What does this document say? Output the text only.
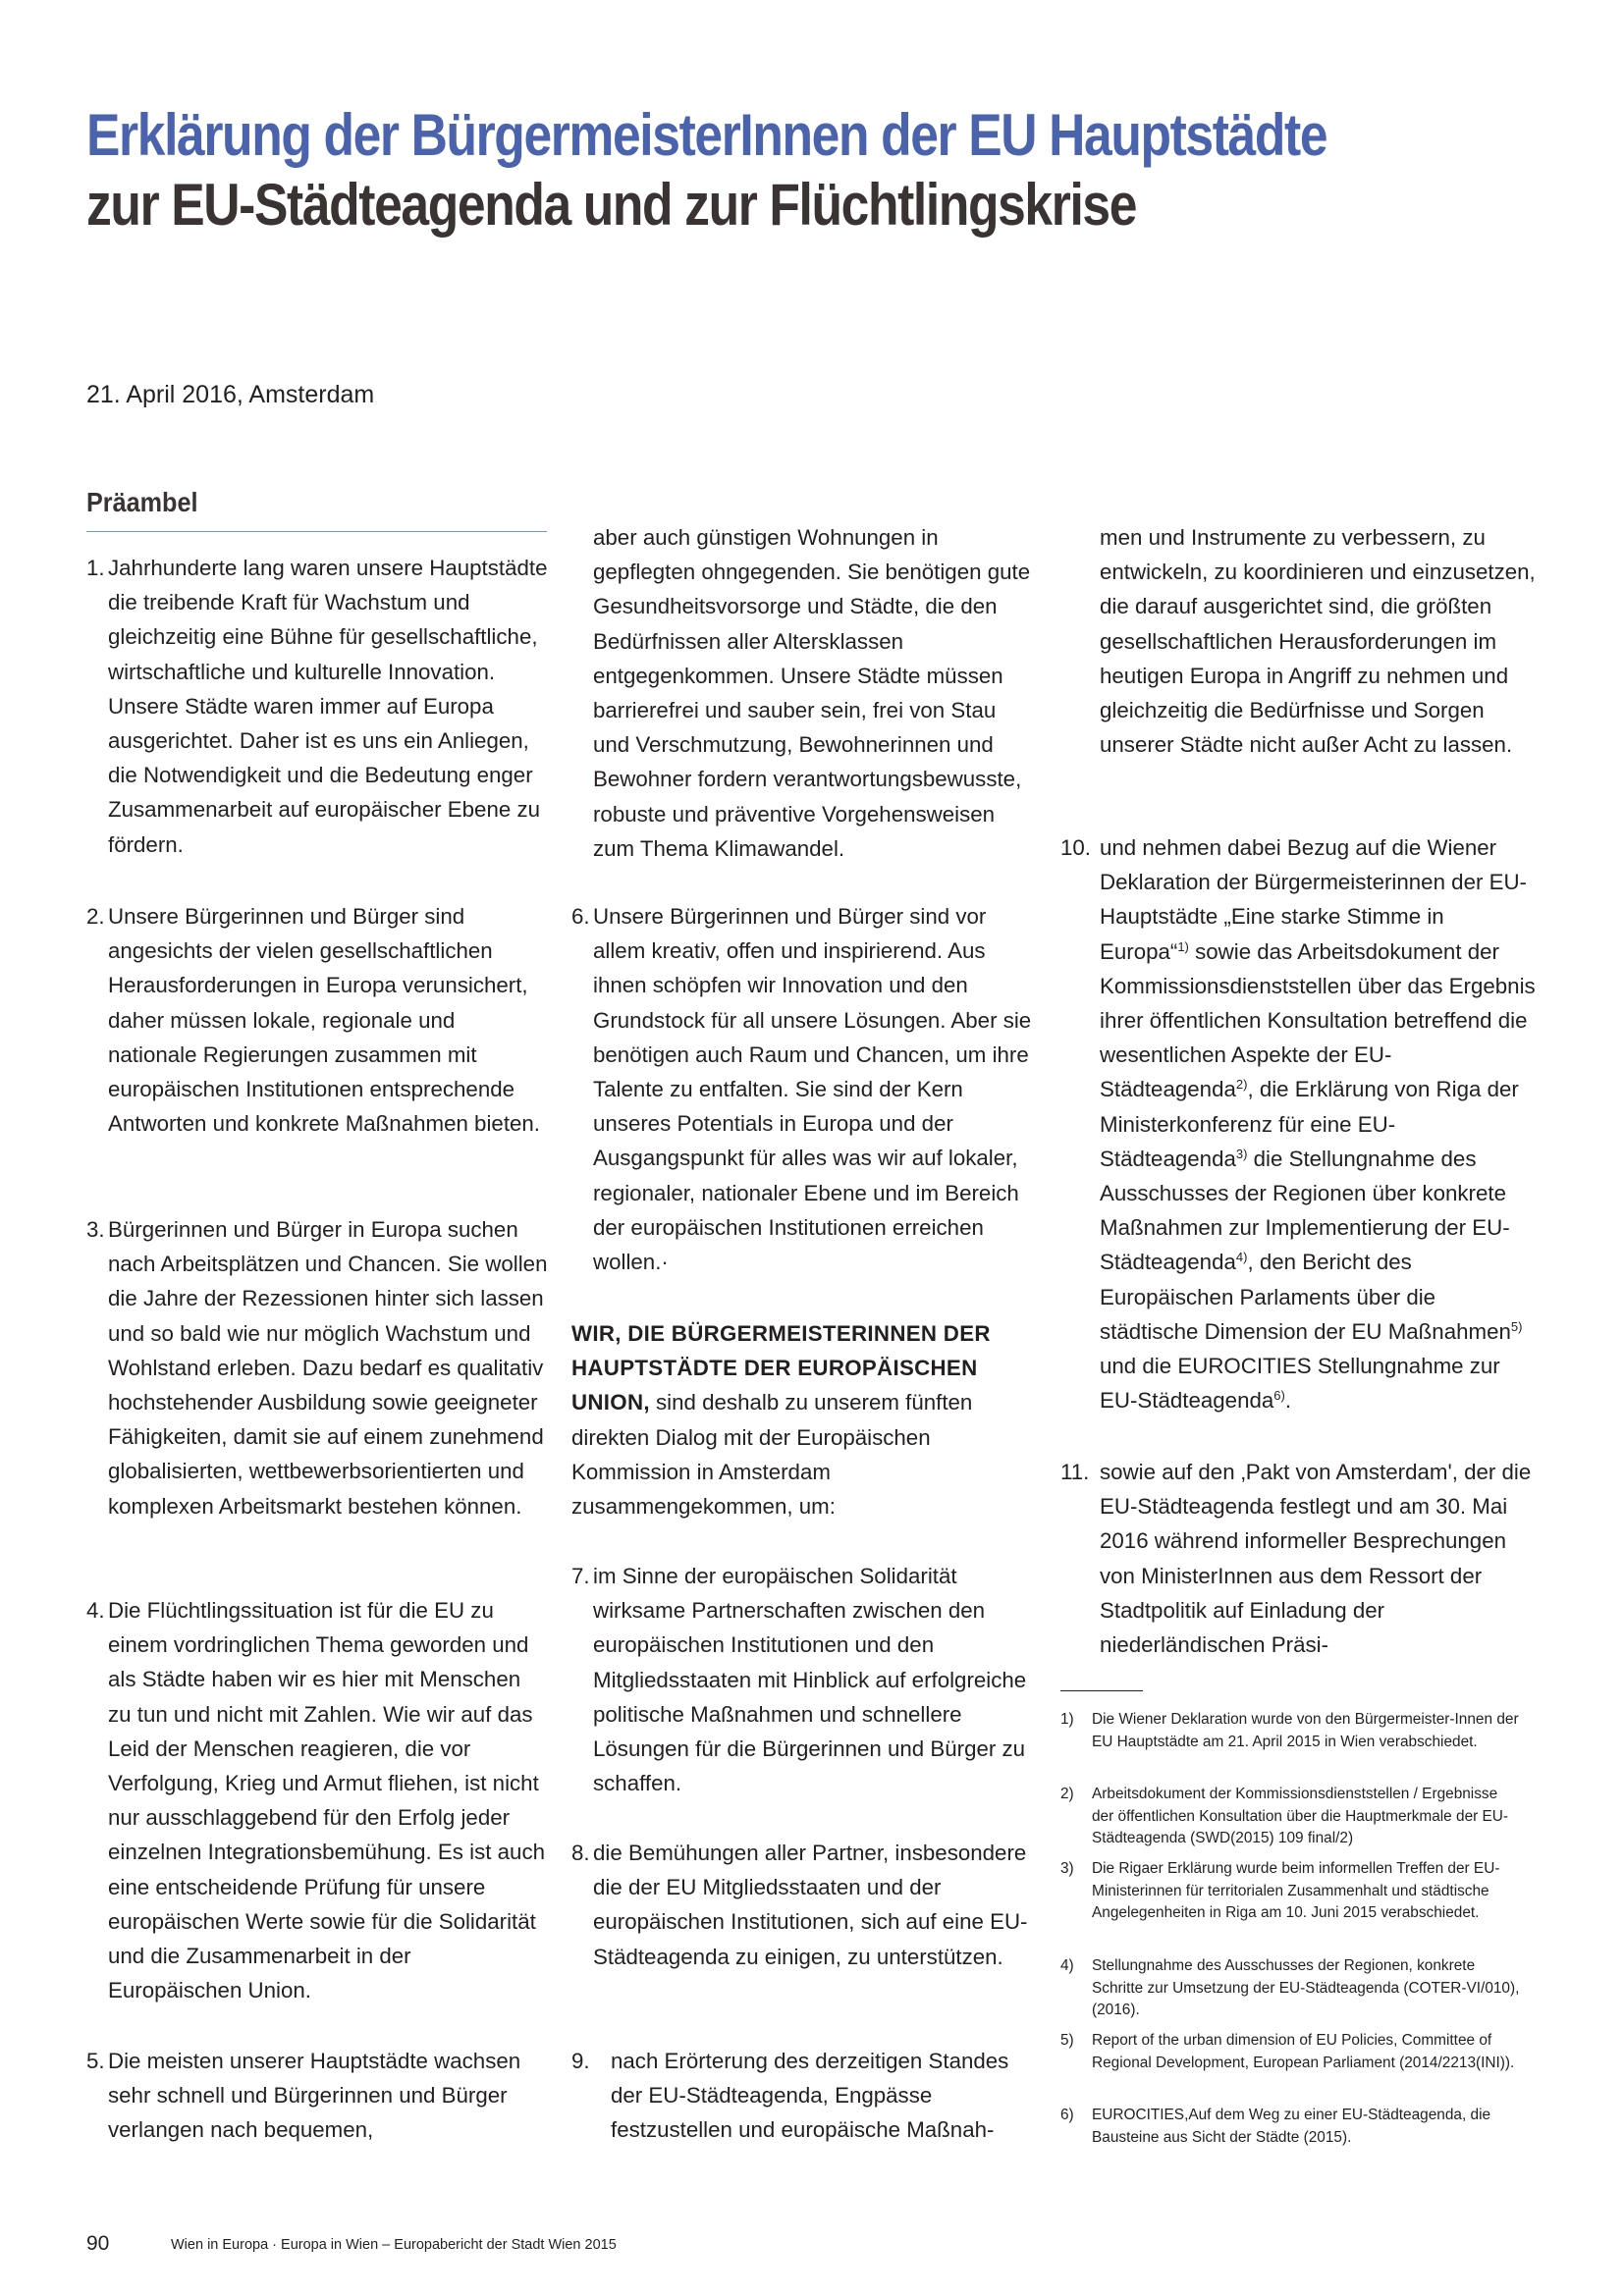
Erklärung der BürgermeisterInnen der EU Hauptstädte
zur EU-Städteagenda und zur Flüchtlingskrise
21. April 2016, Amsterdam
Präambel
1. Jahrhunderte lang waren unsere Hauptstädte die treibende Kraft für Wachstum und gleichzeitig eine Bühne für gesellschaftliche, wirtschaftliche und kulturelle Innovation. Unsere Städte waren immer auf Europa ausgerichtet. Daher ist es uns ein Anliegen, die Notwendigkeit und die Bedeutung enger Zusammenarbeit auf europäischer Ebene zu fördern.
2. Unsere Bürgerinnen und Bürger sind angesichts der vielen gesellschaftlichen Herausforderungen in Europa verunsichert, daher müssen lokale, regionale und nationale Regierungen zusammen mit europäischen Institutionen entsprechende Antworten und konkrete Maßnahmen bieten.
3. Bürgerinnen und Bürger in Europa suchen nach Arbeitsplätzen und Chancen. Sie wollen die Jahre der Rezessionen hinter sich lassen und so bald wie nur möglich Wachstum und Wohlstand erleben. Dazu bedarf es qualitativ hochstehender Ausbildung sowie geeigneter Fähigkeiten, damit sie auf einem zunehmend globalisierten, wettbewerbsorientierten und komplexen Arbeitsmarkt bestehen können.
4. Die Flüchtlingssituation ist für die EU zu einem vordringlichen Thema geworden und als Städte haben wir es hier mit Menschen zu tun und nicht mit Zahlen. Wie wir auf das Leid der Menschen reagieren, die vor Verfolgung, Krieg und Armut fliehen, ist nicht nur ausschlaggebend für den Erfolg jeder einzelnen Integrationsbemühung. Es ist auch eine entscheidende Prüfung für unsere europäischen Werte sowie für die Solidarität und die Zusammenarbeit in der Europäischen Union.
5. Die meisten unserer Hauptstädte wachsen sehr schnell und Bürgerinnen und Bürger verlangen nach bequemen,
aber auch günstigen Wohnungen in gepflegten ohngegenden. Sie benötigen gute Gesundheitsvorsorge und Städte, die den Bedürfnissen aller Altersklassen entgegenkommen. Unsere Städte müssen barrierefrei und sauber sein, frei von Stau und Verschmutzung, Bewohnerinnen und Bewohner fordern verantwortungsbewusste, robuste und präventive Vorgehensweisen zum Thema Klimawandel.
6. Unsere Bürgerinnen und Bürger sind vor allem kreativ, offen und inspirierend. Aus ihnen schöpfen wir Innovation und den Grundstock für all unsere Lösungen. Aber sie benötigen auch Raum und Chancen, um ihre Talente zu entfalten. Sie sind der Kern unseres Potentials in Europa und der Ausgangspunkt für alles was wir auf lokaler, regionaler, nationaler Ebene und im Bereich der europäischen Institutionen erreichen wollen.·
WIR, DIE BÜRGERMEISTERINNEN DER HAUPTSTÄDTE DER EUROPÄISCHEN UNION, sind deshalb zu unserem fünften direkten Dialog mit der Europäischen Kommission in Amsterdam zusammengekommen, um:
7. im Sinne der europäischen Solidarität wirksame Partnerschaften zwischen den europäischen Institutionen und den Mitgliedsstaaten mit Hinblick auf erfolgreiche politische Maßnahmen und schnellere Lösungen für die Bürgerinnen und Bürger zu schaffen.
8. die Bemühungen aller Partner, insbesondere die der EU Mitgliedsstaaten und der europäischen Institutionen, sich auf eine EU-Städteagenda zu einigen, zu unterstützen.
9. nach Erörterung des derzeitigen Standes der EU-Städteagenda, Engpässe festzustellen und europäische Maßnah-
men und Instrumente zu verbessern, zu entwickeln, zu koordinieren und einzusetzen, die darauf ausgerichtet sind, die größten gesellschaftlichen Herausforderungen im heutigen Europa in Angriff zu nehmen und gleichzeitig die Bedürfnisse und Sorgen unserer Städte nicht außer Acht zu lassen.
10. und nehmen dabei Bezug auf die Wiener Deklaration der Bürgermeisterinnen der EU-Hauptstädte „Eine starke Stimme in Europa“$^{1)}$ sowie das Arbeitsdokument der Kommissionsdienststellen über das Ergebnis ihrer öffentlichen Konsultation betreffend die wesentlichen Aspekte der EU-Städteagenda$^{2)}$, die Erklärung von Riga der Ministerkonferenz für eine EU-Städteagenda$^{3)}$ die Stellungnahme des Ausschusses der Regionen über konkrete Maßnahmen zur Implementierung der EU-Städteagenda$^{4)}$, den Bericht des Europäischen Parlaments über die städtische Dimension der EU Maßnahmen$^{5)}$ und die EUROCITIES Stellungnahme zur EU-Städteagenda$^{6)}$.
11. sowie auf den ‚Pakt von Amsterdam', der die EU-Städteagenda festlegt und am 30. Mai 2016 während informeller Besprechungen von MinisterInnen aus dem Ressort der Stadtpolitik auf Einladung der niederländischen Präsi-
1) Die Wiener Deklaration wurde von den Bürgermeister-Innen der EU Hauptstädte am 21. April 2015 in Wien verabschiedet.
2) Arbeitsdokument der Kommissionsdienststellen / Ergebnisse der öffentlichen Konsultation über die Hauptmerkmale der EU-Städteagenda (SWD(2015) 109 final/2)
3) Die Rigaer Erklärung wurde beim informellen Treffen der EU-Ministerinnen für territorialen Zusammenhalt und städtische Angelegenheiten in Riga am 10. Juni 2015 verabschiedet.
4) Stellungnahme des Ausschusses der Regionen, konkrete Schritte zur Umsetzung der EU-Städteagenda (COTER-VI/010), (2016).
5) Report of the urban dimension of EU Policies, Committee of Regional Development, European Parliament (2014/2213(INI)).
6) EUROCITIES,Auf dem Weg zu einer EU-Städteagenda, die Bausteine aus Sicht der Städte (2015).
90	Wien in Europa · Europa in Wien – Europabericht der Stadt Wien 2015
